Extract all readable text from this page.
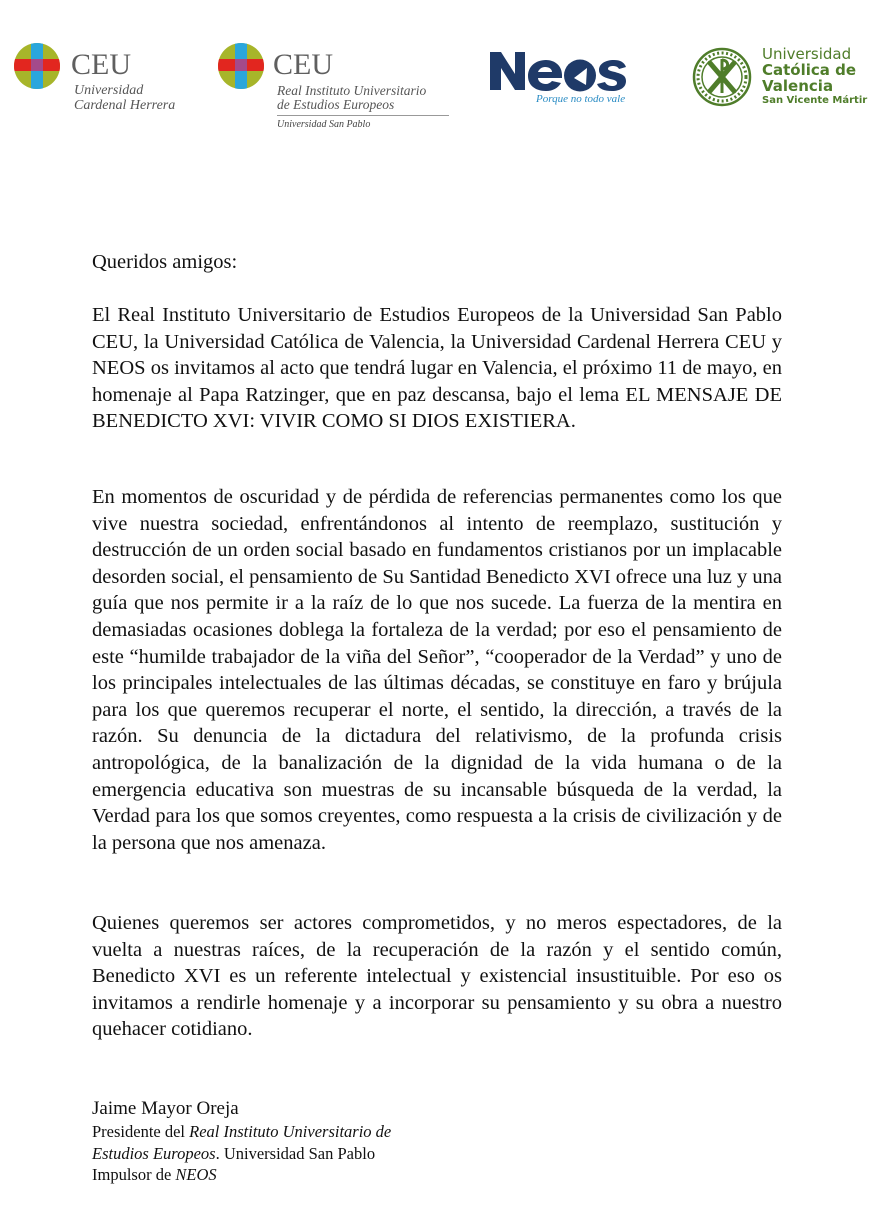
CEU
Universidad
Cardenal Herrera
CEU
Real Instituto Universitario
de Estudios Europeos
Universidad San Pablo
Porque no todo vale
Universidad
Católica de
Valencia
San Vicente Mártir

Queridos amigos:

El Real Instituto Universitario de Estudios Europeos de la Universidad San Pablo CEU, la Universidad Católica de Valencia, la Universidad Cardenal Herrera CEU y NEOS os invitamos al acto que tendrá lugar en Valencia, el próximo 11 de mayo, en homenaje al Papa Ratzinger, que en paz descansa, bajo el lema EL MENSAJE DE BENEDICTO XVI: VIVIR COMO SI DIOS EXISTIERA.

En momentos de oscuridad y de pérdida de referencias permanentes como los que vive nuestra sociedad, enfrentándonos al intento de reemplazo, sustitución y destrucción de un orden social basado en fundamentos cristianos por un implacable desorden social, el pensamiento de Su Santidad Benedicto XVI ofrece una luz y una guía que nos permite ir a la raíz de lo que nos sucede. La fuerza de la mentira en demasiadas ocasiones doblega la fortaleza de la verdad; por eso el pensamiento de este “humilde trabajador de la viña del Señor”, “cooperador de la Verdad” y uno de los principales intelectuales de las últimas décadas, se constituye en faro y brújula para los que queremos recuperar el norte, el sentido, la dirección, a través de la razón. Su denuncia de la dictadura del relativismo, de la profunda crisis antropológica, de la banalización de la dignidad de la vida humana o de la emergencia educativa son muestras de su incansable búsqueda de la verdad, la Verdad para los que somos creyentes, como respuesta a la crisis de civilización y de la persona que nos amenaza.

Quienes queremos ser actores comprometidos, y no meros espectadores, de la vuelta a nuestras raíces, de la recuperación de la razón y el sentido común, Benedicto XVI es un referente intelectual y existencial insustituible. Por eso os invitamos a rendirle homenaje y a incorporar su pensamiento y su obra a nuestro quehacer cotidiano.

Jaime Mayor Oreja
Presidente del Real Instituto Universitario de
Estudios Europeos. Universidad San Pablo
Impulsor de NEOS
